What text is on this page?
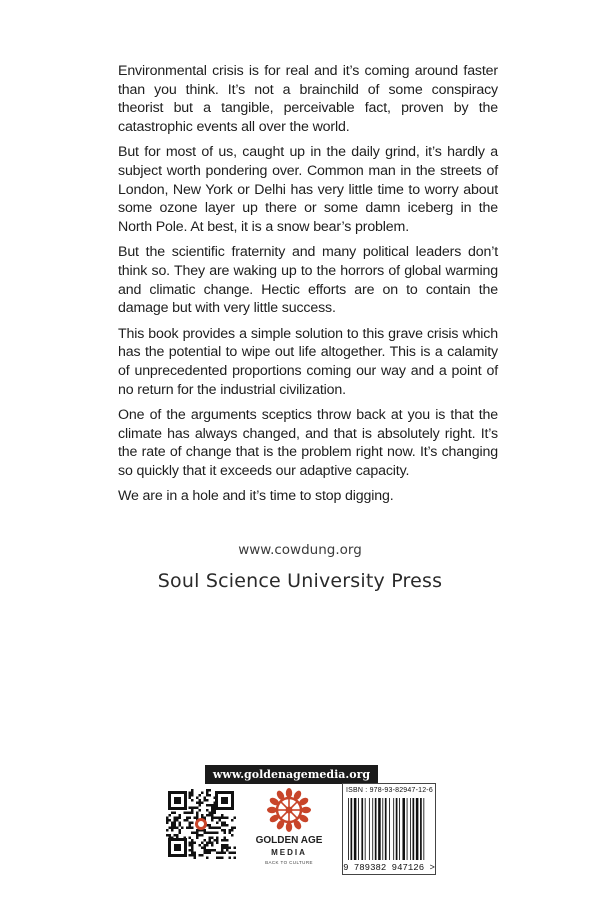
Environmental crisis is for real and it’s coming around faster than you think. It’s not a brainchild of some conspiracy theorist but a tangible, perceivable fact, proven by the catastrophic events all over the world.

But for most of us, caught up in the daily grind, it’s hardly a subject worth pondering over. Common man in the streets of London, New York or Delhi has very little time to worry about some ozone layer up there or some damn iceberg in the North Pole. At best, it is a snow bear’s problem.

But the scientific fraternity and many political leaders don’t think so. They are waking up to the horrors of global warming and climatic change. Hectic efforts are on to contain the damage but with very little success.

This book provides a simple solution to this grave crisis which has the potential to wipe out life altogether. This is a calamity of unprecedented proportions coming our way and a point of no return for the industrial civilization.

One of the arguments sceptics throw back at you is that the climate has always changed, and that is absolutely right. It’s the rate of change that is the problem right now. It’s changing so quickly that it exceeds our adaptive capacity.

We are in a hole and it’s time to stop digging.

www.cowdung.org
Soul Science University Press
www.goldenagemedia.org
GOLDEN AGE
MEDIA
BACK TO CULTURE
ISBN : 978-93-82947-12-6
9 789382 947126 >
